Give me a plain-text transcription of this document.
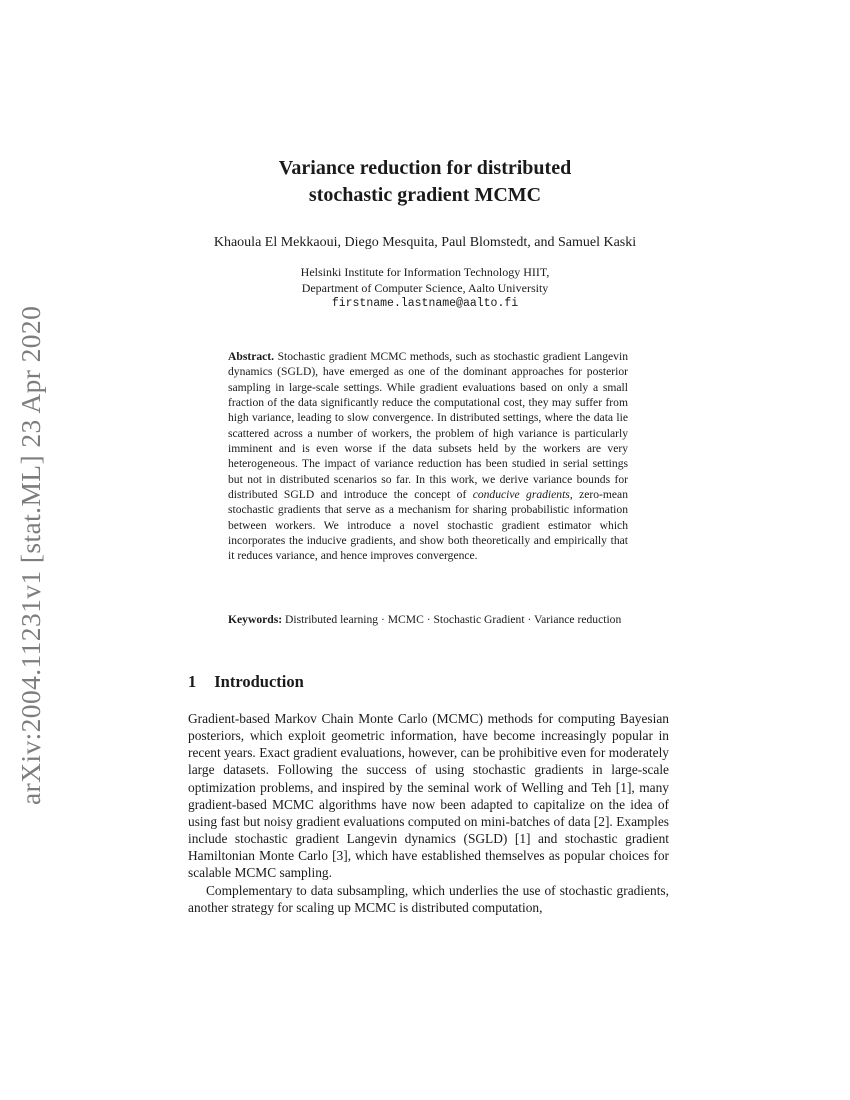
arXiv:2004.11231v1 [stat.ML] 23 Apr 2020
Variance reduction for distributed
stochastic gradient MCMC
Khaoula El Mekkaoui, Diego Mesquita, Paul Blomstedt, and Samuel Kaski
Helsinki Institute for Information Technology HIIT,
Department of Computer Science, Aalto University
firstname.lastname@aalto.fi
Abstract. Stochastic gradient MCMC methods, such as stochastic gradient Langevin dynamics (SGLD), have emerged as one of the dominant approaches for posterior sampling in large-scale settings. While gradient evaluations based on only a small fraction of the data significantly reduce the computational cost, they may suffer from high variance, leading to slow convergence. In distributed settings, where the data lie scattered across a number of workers, the problem of high variance is particularly imminent and is even worse if the data subsets held by the workers are very heterogeneous. The impact of variance reduction has been studied in serial settings but not in distributed scenarios so far. In this work, we derive variance bounds for distributed SGLD and introduce the concept of conducive gradients, zero-mean stochastic gradients that serve as a mechanism for sharing probabilistic information between workers. We introduce a novel stochastic gradient estimator which incorporates the inducive gradients, and show both theoretically and empirically that it reduces variance, and hence improves convergence.
Keywords: Distributed learning · MCMC · Stochastic Gradient · Variance reduction
1 Introduction

Gradient-based Markov Chain Monte Carlo (MCMC) methods for computing Bayesian posteriors, which exploit geometric information, have become increasingly popular in recent years. Exact gradient evaluations, however, can be prohibitive even for moderately large datasets. Following the success of using stochastic gradients in large-scale optimization problems, and inspired by the seminal work of Welling and Teh [1], many gradient-based MCMC algorithms have now been adapted to capitalize on the idea of using fast but noisy gradient evaluations computed on mini-batches of data [2]. Examples include stochastic gradient Langevin dynamics (SGLD) [1] and stochastic gradient Hamiltonian Monte Carlo [3], which have established themselves as popular choices for scalable MCMC sampling.

Complementary to data subsampling, which underlies the use of stochastic gradients, another strategy for scaling up MCMC is distributed computation,
